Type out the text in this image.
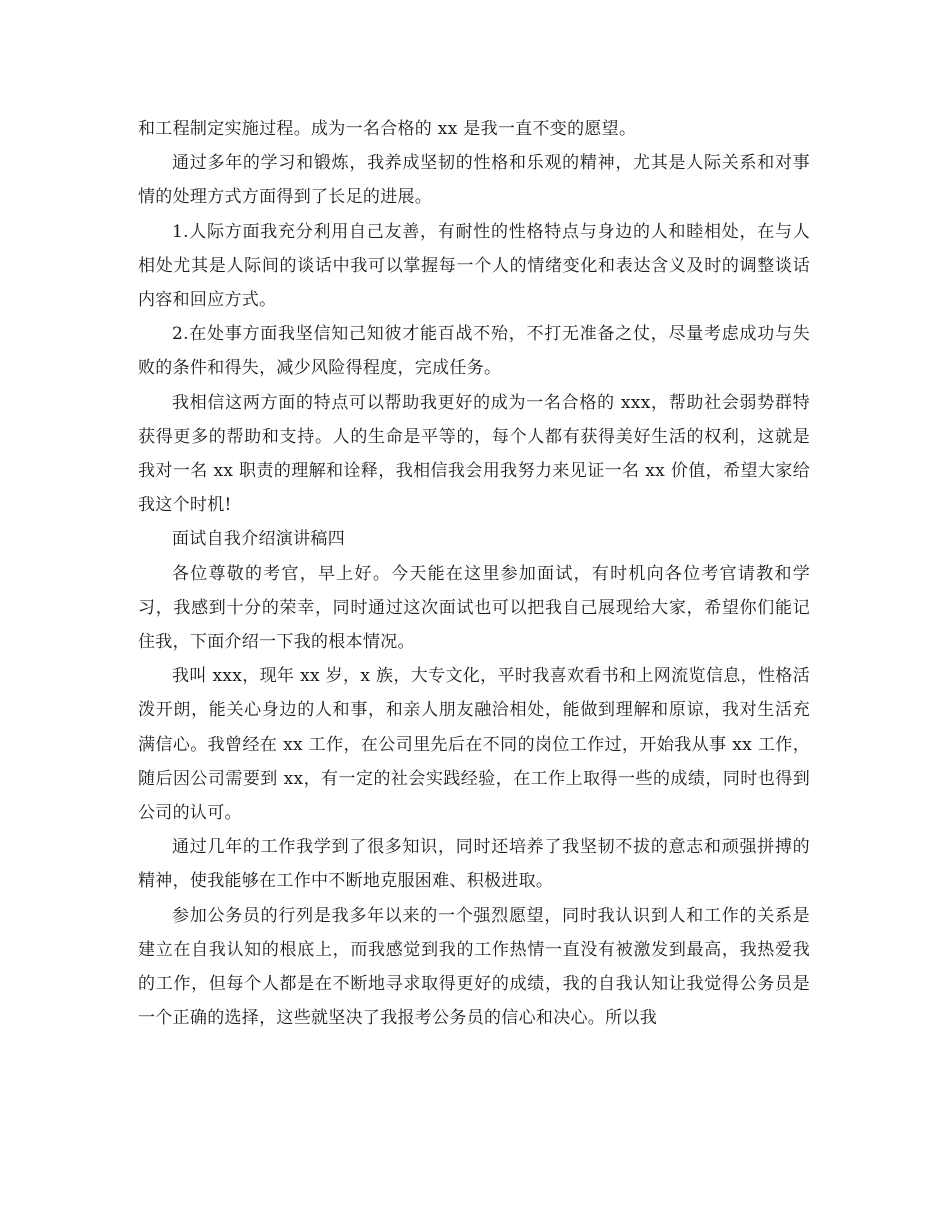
和工程制定实施过程。成为一名合格的 xx 是我一直不变的愿望。

通过多年的学习和锻炼，我养成坚韧的性格和乐观的精神，尤其是人际关系和对事情的处理方式方面得到了长足的进展。

1.人际方面我充分利用自己友善，有耐性的性格特点与身边的人和睦相处，在与人相处尤其是人际间的谈话中我可以掌握每一个人的情绪变化和表达含义及时的调整谈话内容和回应方式。

2.在处事方面我坚信知己知彼才能百战不殆，不打无准备之仗，尽量考虑成功与失败的条件和得失，减少风险得程度，完成任务。

我相信这两方面的特点可以帮助我更好的成为一名合格的 xxx，帮助社会弱势群特获得更多的帮助和支持。人的生命是平等的，每个人都有获得美好生活的权利，这就是我对一名 xx 职责的理解和诠释，我相信我会用我努力来见证一名 xx 价值，希望大家给我这个时机!

面试自我介绍演讲稿四

各位尊敬的考官，早上好。今天能在这里参加面试，有时机向各位考官请教和学习，我感到十分的荣幸，同时通过这次面试也可以把我自己展现给大家，希望你们能记住我，下面介绍一下我的根本情况。

我叫 xxx，现年 xx 岁，x 族，大专文化，平时我喜欢看书和上网流览信息，性格活泼开朗，能关心身边的人和事，和亲人朋友融洽相处，能做到理解和原谅，我对生活充满信心。我曾经在 xx 工作，在公司里先后在不同的岗位工作过，开始我从事 xx 工作，随后因公司需要到 xx，有一定的社会实践经验，在工作上取得一些的成绩，同时也得到公司的认可。

通过几年的工作我学到了很多知识，同时还培养了我坚韧不拔的意志和顽强拼搏的精神，使我能够在工作中不断地克服困难、积极进取。

参加公务员的行列是我多年以来的一个强烈愿望，同时我认识到人和工作的关系是建立在自我认知的根底上，而我感觉到我的工作热情一直没有被激发到最高，我热爱我的工作，但每个人都是在不断地寻求取得更好的成绩，我的自我认知让我觉得公务员是一个正确的选择，这些就坚决了我报考公务员的信心和决心。所以我
